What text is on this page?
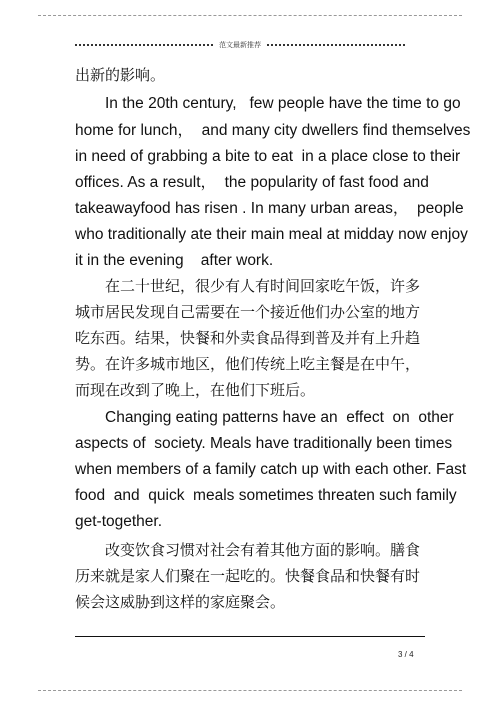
范文最新推荐
出新的影响。
In the 20th century,   few people have the time to go
home for lunch，  and many city dwellers find themselves
in need of grabbing a bite to eat  in a place close to their
offices. As a result，  the popularity of fast food and
takeawayfood has risen . In many urban areas，  people
who traditionally ate their main meal at midday now enjoy
it in the evening    after work.
在二十世纪，很少有人有时间回家吃午饭，许多
城市居民发现自己需要在一个接近他们办公室的地方
吃东西。结果，快餐和外卖食品得到普及并有上升趋
势。在许多城市地区，他们传统上吃主餐是在中午，
而现在改到了晚上，在他们下班后。
Changing eating patterns have an  effect  on  other
aspects of  society. Meals have traditionally been times
when members of a family catch up with each other. Fast
food  and  quick  meals sometimes threaten such family
get-together.
改变饮食习惯对社会有着其他方面的影响。膳食
历来就是家人们聚在一起吃的。快餐食品和快餐有时
候会这威胁到这样的家庭聚会。
3 / 4
